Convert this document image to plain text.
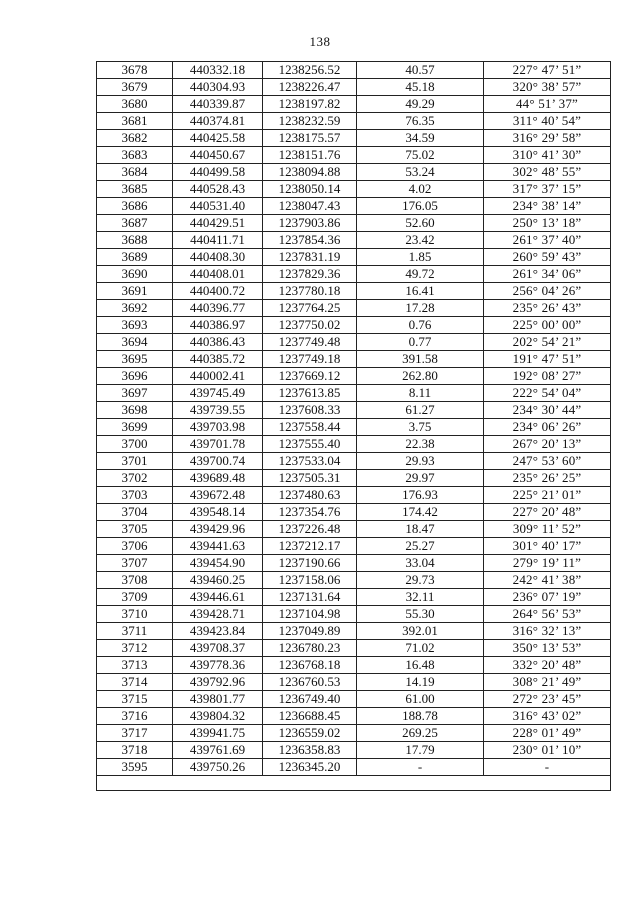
138
3678	440332.18	1238256.52	40.57	227° 47’ 51”
3679	440304.93	1238226.47	45.18	320° 38’ 57”
3680	440339.87	1238197.82	49.29	44° 51’ 37”
3681	440374.81	1238232.59	76.35	311° 40’ 54”
3682	440425.58	1238175.57	34.59	316° 29’ 58”
3683	440450.67	1238151.76	75.02	310° 41’ 30”
3684	440499.58	1238094.88	53.24	302° 48’ 55”
3685	440528.43	1238050.14	4.02	317° 37’ 15”
3686	440531.40	1238047.43	176.05	234° 38’ 14”
3687	440429.51	1237903.86	52.60	250° 13’ 18”
3688	440411.71	1237854.36	23.42	261° 37’ 40”
3689	440408.30	1237831.19	1.85	260° 59’ 43”
3690	440408.01	1237829.36	49.72	261° 34’ 06”
3691	440400.72	1237780.18	16.41	256° 04’ 26”
3692	440396.77	1237764.25	17.28	235° 26’ 43”
3693	440386.97	1237750.02	0.76	225° 00’ 00”
3694	440386.43	1237749.48	0.77	202° 54’ 21”
3695	440385.72	1237749.18	391.58	191° 47’ 51”
3696	440002.41	1237669.12	262.80	192° 08’ 27”
3697	439745.49	1237613.85	8.11	222° 54’ 04”
3698	439739.55	1237608.33	61.27	234° 30’ 44”
3699	439703.98	1237558.44	3.75	234° 06’ 26”
3700	439701.78	1237555.40	22.38	267° 20’ 13”
3701	439700.74	1237533.04	29.93	247° 53’ 60”
3702	439689.48	1237505.31	29.97	235° 26’ 25”
3703	439672.48	1237480.63	176.93	225° 21’ 01”
3704	439548.14	1237354.76	174.42	227° 20’ 48”
3705	439429.96	1237226.48	18.47	309° 11’ 52”
3706	439441.63	1237212.17	25.27	301° 40’ 17”
3707	439454.90	1237190.66	33.04	279° 19’ 11”
3708	439460.25	1237158.06	29.73	242° 41’ 38”
3709	439446.61	1237131.64	32.11	236° 07’ 19”
3710	439428.71	1237104.98	55.30	264° 56’ 53”
3711	439423.84	1237049.89	392.01	316° 32’ 13”
3712	439708.37	1236780.23	71.02	350° 13’ 53”
3713	439778.36	1236768.18	16.48	332° 20’ 48”
3714	439792.96	1236760.53	14.19	308° 21’ 49”
3715	439801.77	1236749.40	61.00	272° 23’ 45”
3716	439804.32	1236688.45	188.78	316° 43’ 02”
3717	439941.75	1236559.02	269.25	228° 01’ 49”
3718	439761.69	1236358.83	17.79	230° 01’ 10”
3595	439750.26	1236345.20	-	-
